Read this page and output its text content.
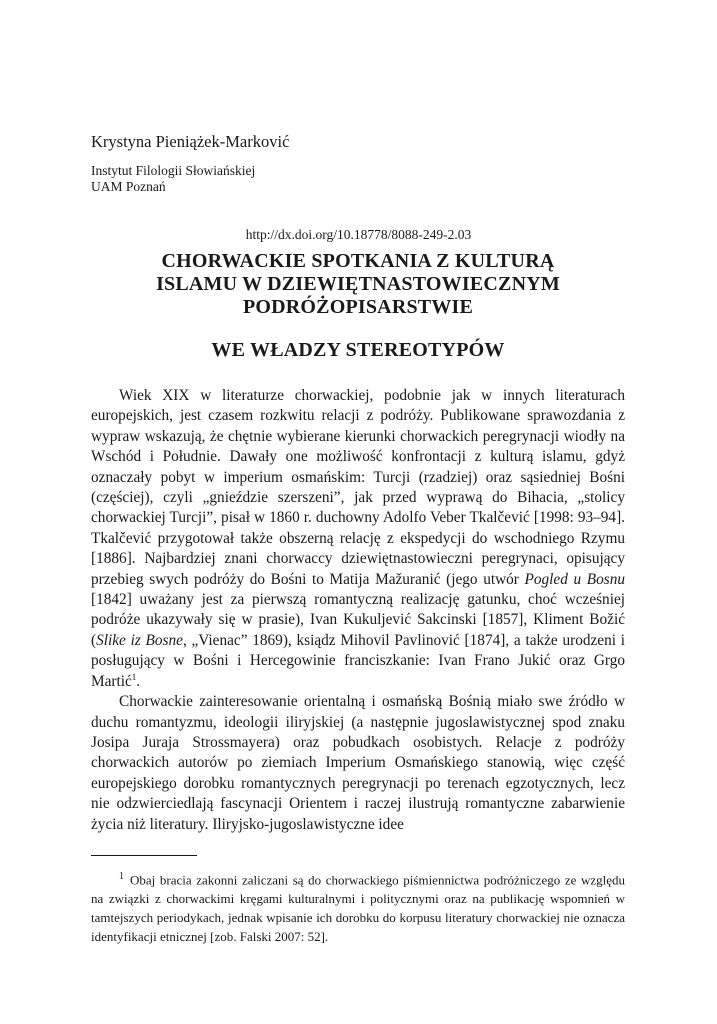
Krystyna Pieniążek-Marković
Instytut Filologii Słowiańskiej
UAM Poznań
http://dx.doi.org/10.18778/8088-249-2.03
CHORWACKIE SPOTKANIA Z KULTURĄ
ISLAMU W DZIEWIĘTNASTOWIECZNYM
PODRÓŻOPISARSTWIE
WE WŁADZY STEREOTYPÓW

Wiek XIX w literaturze chorwackiej, podobnie jak w innych literaturach europejskich, jest czasem rozkwitu relacji z podróży. Publikowane sprawozdania z wypraw wskazują, że chętnie wybierane kierunki chorwackich peregrynacji wiodły na Wschód i Południe. Dawały one możliwość konfrontacji z kulturą islamu, gdyż oznaczały pobyt w imperium osmańskim: Turcji (rzadziej) oraz sąsiedniej Bośni (częściej), czyli „gnieździe szerszeni”, jak przed wyprawą do Bihacia, „stolicy chorwackiej Turcji”, pisał w 1860 r. duchowny Adolfo Veber Tkalčević [1998: 93–94]. Tkalčević przygotował także obszerną relację z ekspedycji do wschodniego Rzymu [1886]. Najbardziej znani chorwaccy dziewiętnastowieczni peregrynaci, opisujący przebieg swych podróży do Bośni to Matija Mažuranić (jego utwór Pogled u Bosnu [1842] uważany jest za pierwszą romantyczną realizację gatunku, choć wcześniej podróże ukazywały się w prasie), Ivan Kukuljević Sakcinski [1857], Kliment Božić (Slike iz Bosne, „Vienac” 1869), ksiądz Mihovil Pavlinović [1874], a także urodzeni i posługujący w Bośni i Hercegowinie franciszkanie: Ivan Frano Jukić oraz Grgo Martić$^1$.

Chorwackie zainteresowanie orientalną i osmańską Bośnią miało swe źródło w duchu romantyzmu, ideologii iliryjskiej (a następnie jugoslawistycznej spod znaku Josipa Juraja Strossmayera) oraz pobudkach osobistych. Relacje z podróży chorwackich autorów po ziemiach Imperium Osmańskiego stanowią, więc część europejskiego dorobku romantycznych peregrynacji po terenach egzotycznych, lecz nie odzwierciedlają fascynacji Orientem i raczej ilustrują romantyczne zabarwienie życia niż literatury. Iliryjsko-jugoslawistyczne idee

$^1$ Obaj bracia zakonni zaliczani są do chorwackiego piśmiennictwa podróżniczego ze względu na związki z chorwackimi kręgami kulturalnymi i politycznymi oraz na publikację wspomnień w tamtejszych periodykach, jednak wpisanie ich dorobku do korpusu literatury chorwackiej nie oznacza identyfikacji etnicznej [zob. Falski 2007: 52].
